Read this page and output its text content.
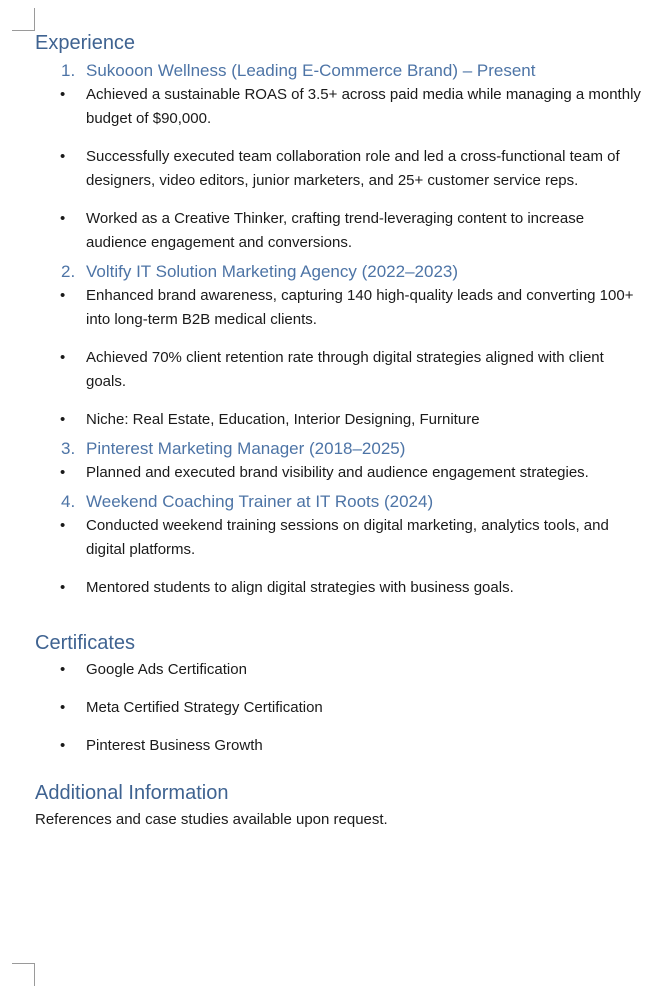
Experience
1. Sukooon Wellness (Leading E-Commerce Brand) – Present
•	Achieved a sustainable ROAS of 3.5+ across paid media while managing a monthly budget of $90,000.
•	Successfully executed team collaboration role and led a cross-functional team of designers, video editors, junior marketers, and 25+ customer service reps.
•	Worked as a Creative Thinker, crafting trend-leveraging content to increase audience engagement and conversions.
2. Voltify IT Solution Marketing Agency (2022–2023)
•	Enhanced brand awareness, capturing 140 high-quality leads and converting 100+ into long-term B2B medical clients.
•	Achieved 70% client retention rate through digital strategies aligned with client goals.
•	Niche: Real Estate, Education, Interior Designing, Furniture
3. Pinterest Marketing Manager (2018–2025)
•	Planned and executed brand visibility and audience engagement strategies.
4. Weekend Coaching Trainer at IT Roots (2024)
•	Conducted weekend training sessions on digital marketing, analytics tools, and digital platforms.
•	Mentored students to align digital strategies with business goals.
Certificates
•	Google Ads Certification
•	Meta Certified Strategy Certification
•	Pinterest Business Growth
Additional Information

References and case studies available upon request.
